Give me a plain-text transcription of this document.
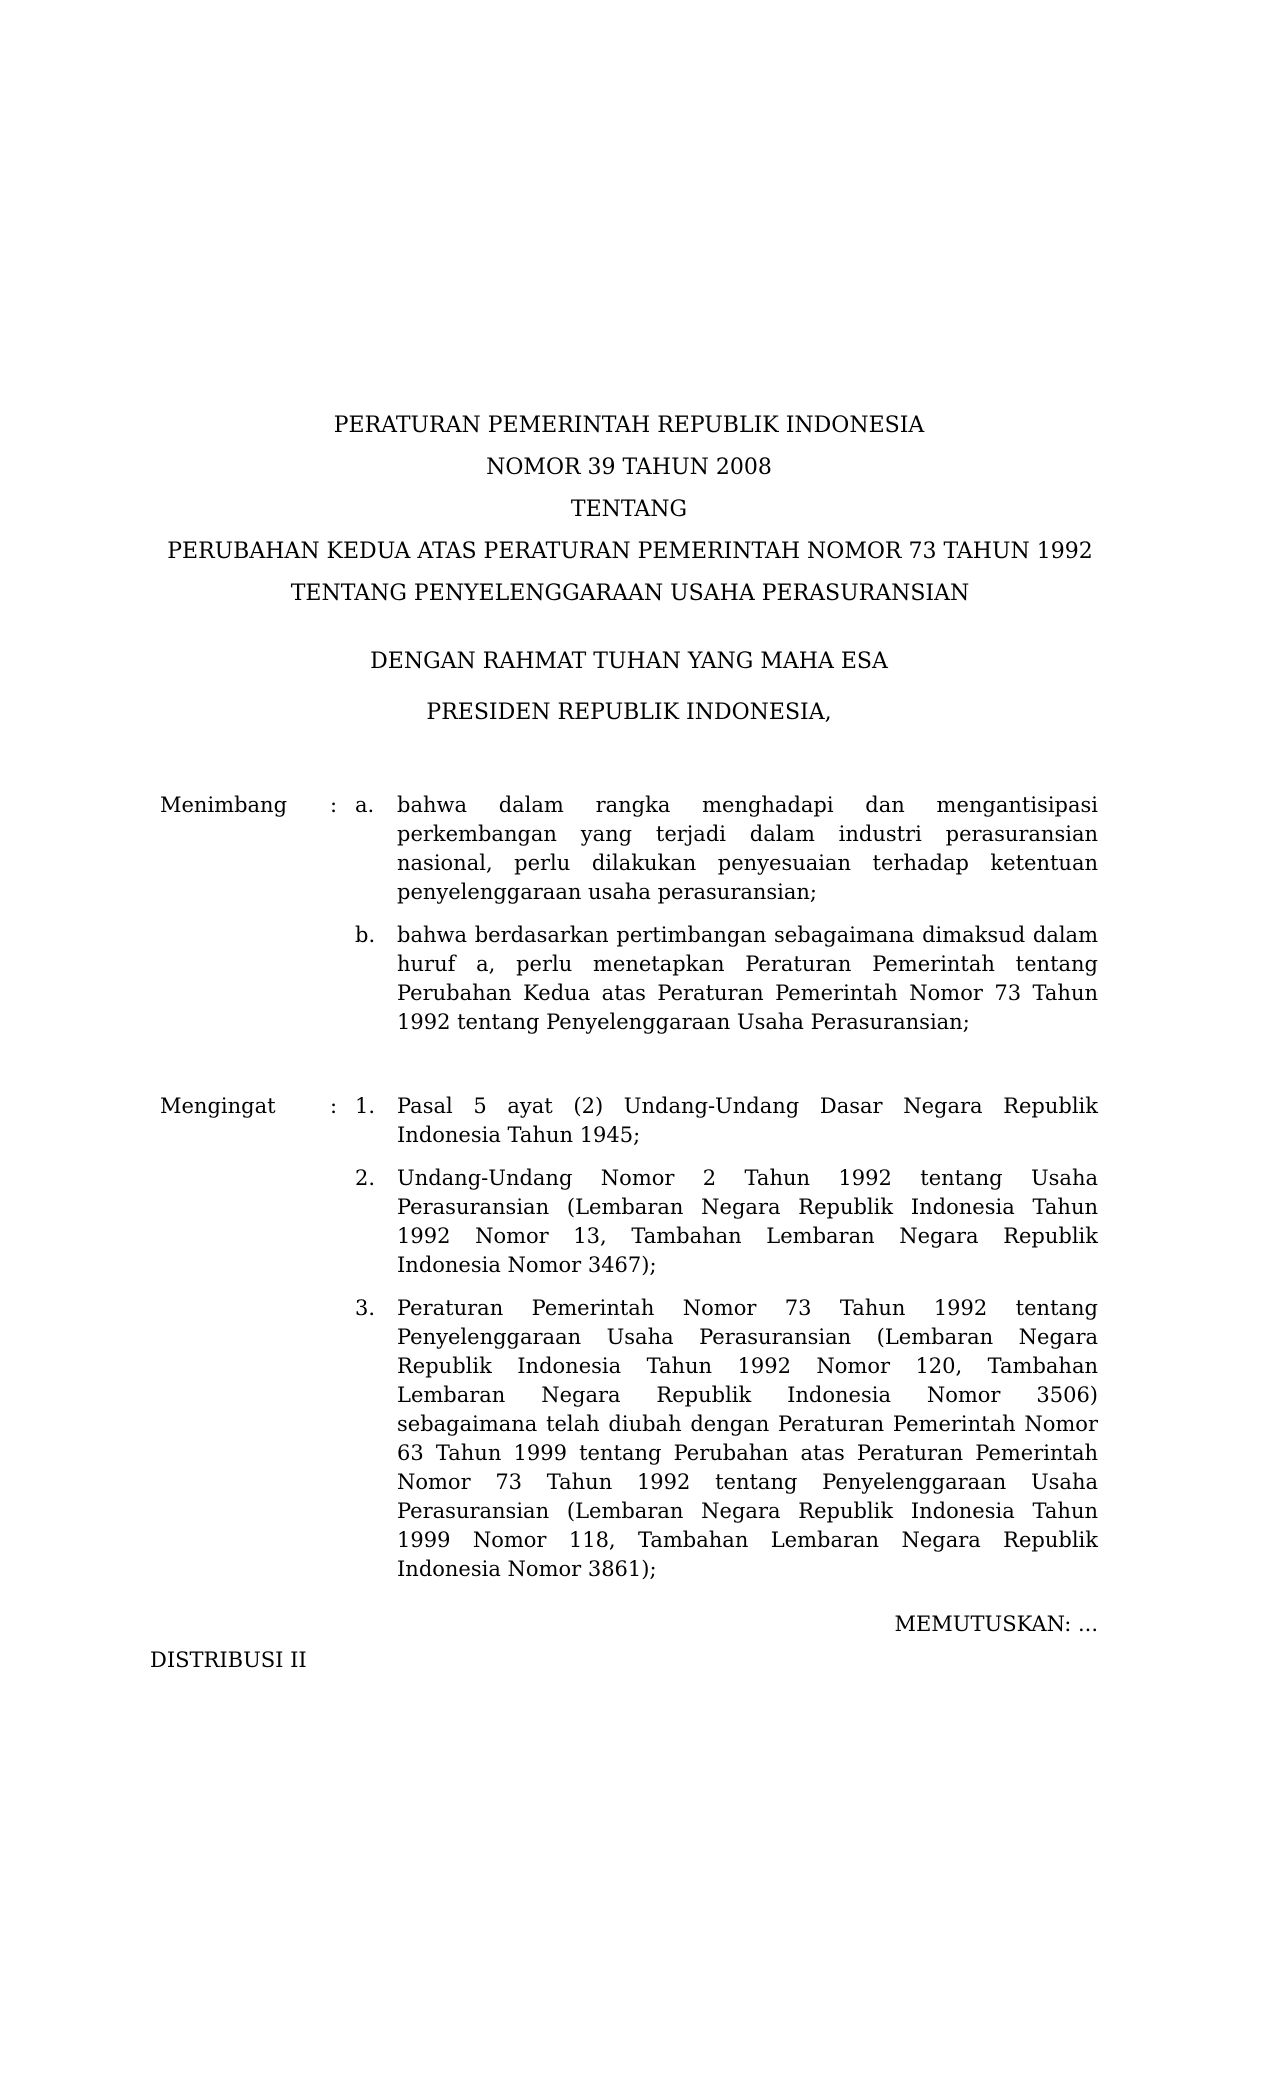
PERATURAN PEMERINTAH REPUBLIK INDONESIA
NOMOR 39 TAHUN 2008
TENTANG
PERUBAHAN KEDUA ATAS PERATURAN PEMERINTAH NOMOR 73 TAHUN 1992 TENTANG PENYELENGGARAAN USAHA PERASURANSIAN
DENGAN RAHMAT TUHAN YANG MAHA ESA
PRESIDEN REPUBLIK INDONESIA,
Menimbang	: a.	bahwa dalam rangka menghadapi dan mengantisipasi perkembangan yang terjadi dalam industri perasuransian nasional, perlu dilakukan penyesuaian terhadap ketentuan penyelenggaraan usaha perasuransian;
b.	bahwa berdasarkan pertimbangan sebagaimana dimaksud dalam huruf a, perlu menetapkan Peraturan Pemerintah tentang Perubahan Kedua atas Peraturan Pemerintah Nomor 73 Tahun 1992 tentang Penyelenggaraan Usaha Perasuransian;
Mengingat	: 1.	Pasal 5 ayat (2) Undang-Undang Dasar Negara Republik Indonesia Tahun 1945;
2.	Undang-Undang Nomor 2 Tahun 1992 tentang Usaha Perasuransian (Lembaran Negara Republik Indonesia Tahun 1992 Nomor 13, Tambahan Lembaran Negara Republik Indonesia Nomor 3467);
3.	Peraturan Pemerintah Nomor 73 Tahun 1992 tentang Penyelenggaraan Usaha Perasuransian (Lembaran Negara Republik Indonesia Tahun 1992 Nomor 120, Tambahan Lembaran Negara Republik Indonesia Nomor 3506) sebagaimana telah diubah dengan Peraturan Pemerintah Nomor 63 Tahun 1999 tentang Perubahan atas Peraturan Pemerintah Nomor 73 Tahun 1992 tentang Penyelenggaraan Usaha Perasuransian (Lembaran Negara Republik Indonesia Tahun 1999 Nomor 118, Tambahan Lembaran Negara Republik Indonesia Nomor 3861);
MEMUTUSKAN: ...
DISTRIBUSI II
